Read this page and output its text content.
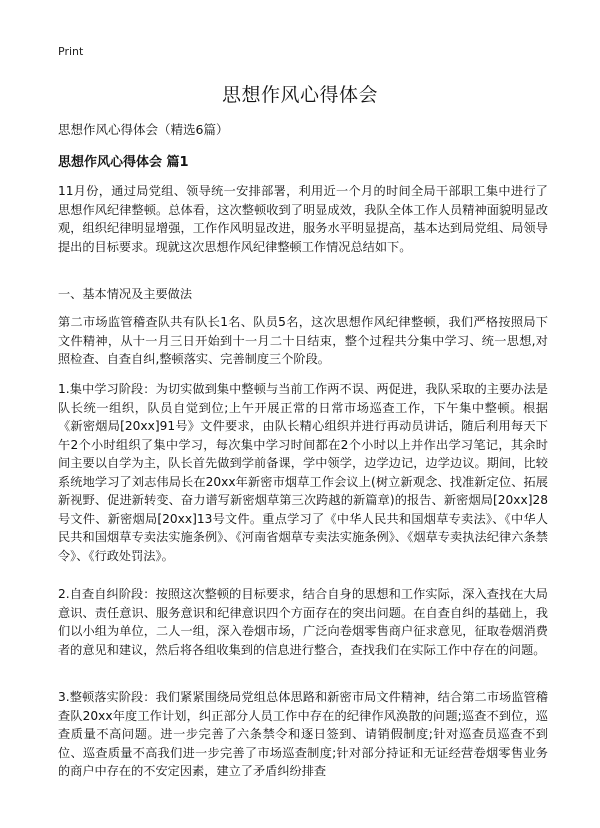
Print
思想作风心得体会

思想作风心得体会（精选6篇）

思想作风心得体会 篇1

11月份，通过局党组、领导统一安排部署，利用近一个月的时间全局干部职工集中进行了思想作风纪律整顿。总体看，这次整顿收到了明显成效，我队全体工作人员精神面貌明显改观，组织纪律明显增强，工作作风明显改进，服务水平明显提高，基本达到局党组、局领导提出的目标要求。现就这次思想作风纪律整顿工作情况总结如下。

一、基本情况及主要做法

第二市场监管稽查队共有队长1名、队员5名，这次思想作风纪律整顿，我们严格按照局下文件精神，从十一月三日开始到十一月二十日结束，整个过程共分集中学习、统一思想,对照检查、自查自纠,整顿落实、完善制度三个阶段。

1.集中学习阶段：为切实做到集中整顿与当前工作两不误、两促进，我队采取的主要办法是队长统一组织，队员自觉到位;上午开展正常的日常市场巡查工作，下午集中整顿。根据《新密烟局[20xx]91号》文件要求，由队长精心组织并进行再动员讲话，随后利用每天下午2个小时组织了集中学习，每次集中学习时间都在2个小时以上并作出学习笔记，其余时间主要以自学为主，队长首先做到学前备课，学中领学，边学边记，边学边议。期间，比较系统地学习了刘志伟局长在20xx年新密市烟草工作会议上(树立新观念、找准新定位、拓展新视野、促进新转变、奋力谱写新密烟草第三次跨越的新篇章)的报告、新密烟局[20xx]28号文件、新密烟局[20xx]13号文件。重点学习了《中华人民共和国烟草专卖法》、《中华人民共和国烟草专卖法实施条例》、《河南省烟草专卖法实施条例》、《烟草专卖执法纪律六条禁令》、《行政处罚法》。

2.自查自纠阶段：按照这次整顿的目标要求，结合自身的思想和工作实际，深入查找在大局意识、责任意识、服务意识和纪律意识四个方面存在的突出问题。在自查自纠的基础上，我们以小组为单位，二人一组，深入卷烟市场，广泛向卷烟零售商户征求意见，征取卷烟消费者的意见和建议，然后将各组收集到的信息进行整合，查找我们在实际工作中存在的问题。

3.整顿落实阶段：我们紧紧围绕局党组总体思路和新密市局文件精神，结合第二市场监管稽查队20xx年度工作计划，纠正部分人员工作中存在的纪律作风涣散的问题;巡查不到位，巡查质量不高问题。进一步完善了六条禁令和逐日签到、请销假制度;针对巡查员巡查不到位、巡查质量不高我们进一步完善了市场巡查制度;针对部分持证和无证经营卷烟零售业务的商户中存在的不安定因素，建立了矛盾纠纷排查
